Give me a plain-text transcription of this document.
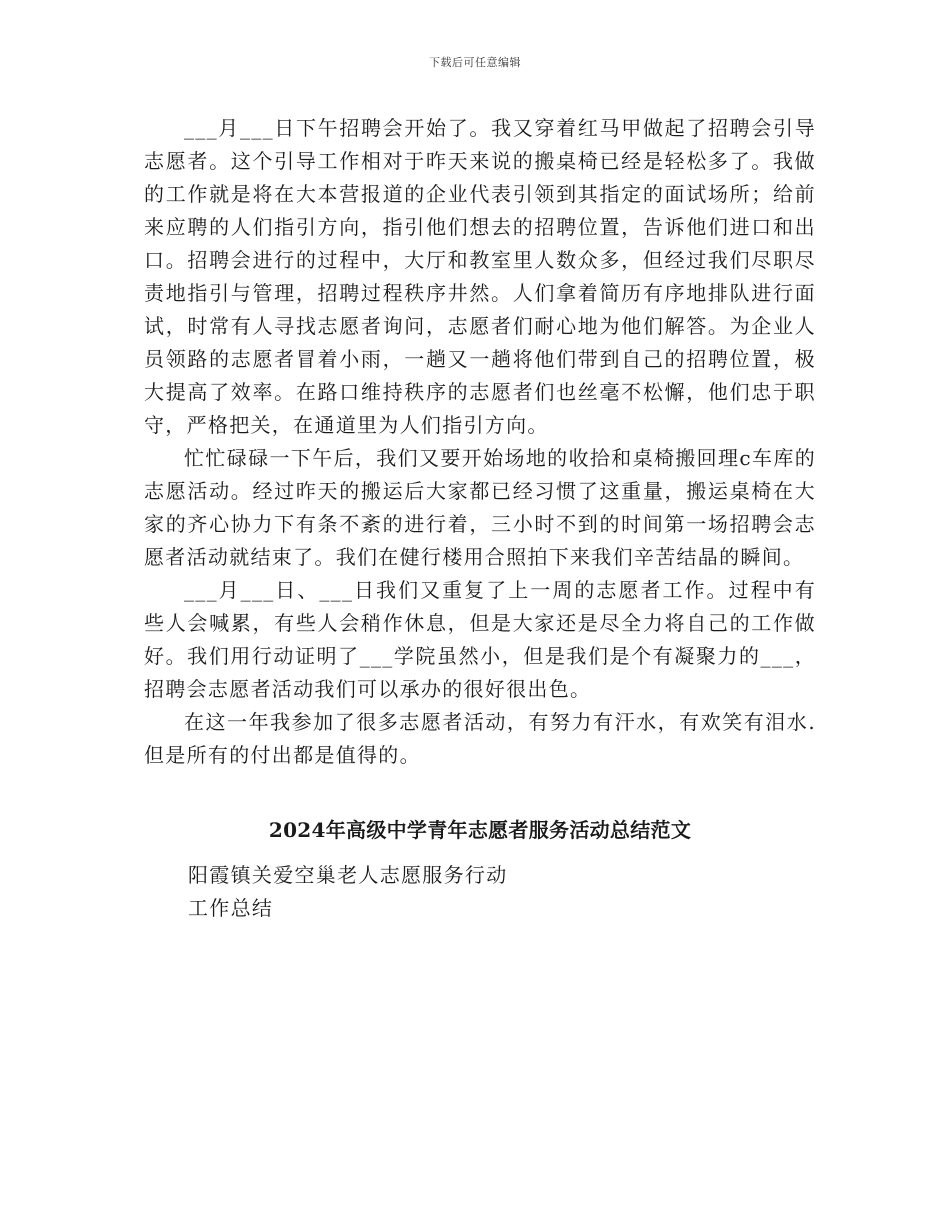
下载后可任意编辑

___月___日下午招聘会开始了。我又穿着红马甲做起了招聘会引导志愿者。这个引导工作相对于昨天来说的搬桌椅已经是轻松多了。我做的工作就是将在大本营报道的企业代表引领到其指定的面试场所；给前来应聘的人们指引方向，指引他们想去的招聘位置，告诉他们进口和出口。招聘会进行的过程中，大厅和教室里人数众多，但经过我们尽职尽责地指引与管理，招聘过程秩序井然。人们拿着简历有序地排队进行面试，时常有人寻找志愿者询问，志愿者们耐心地为他们解答。为企业人员领路的志愿者冒着小雨，一趟又一趟将他们带到自己的招聘位置，极大提高了效率。在路口维持秩序的志愿者们也丝毫不松懈，他们忠于职守，严格把关，在通道里为人们指引方向。

忙忙碌碌一下午后，我们又要开始场地的收拾和桌椅搬回理c车库的志愿活动。经过昨天的搬运后大家都已经习惯了这重量，搬运桌椅在大家的齐心协力下有条不紊的进行着，三小时不到的时间第一场招聘会志愿者活动就结束了。我们在健行楼用合照拍下来我们辛苦结晶的瞬间。

___月___日、___日我们又重复了上一周的志愿者工作。过程中有些人会喊累，有些人会稍作休息，但是大家还是尽全力将自己的工作做好。我们用行动证明了___学院虽然小，但是我们是个有凝聚力的___，招聘会志愿者活动我们可以承办的很好很出色。

在这一年我参加了很多志愿者活动，有努力有汗水，有欢笑有泪水.但是所有的付出都是值得的。

2024年高级中学青年志愿者服务活动总结范文

阳霞镇关爱空巢老人志愿服务行动

工作总结
